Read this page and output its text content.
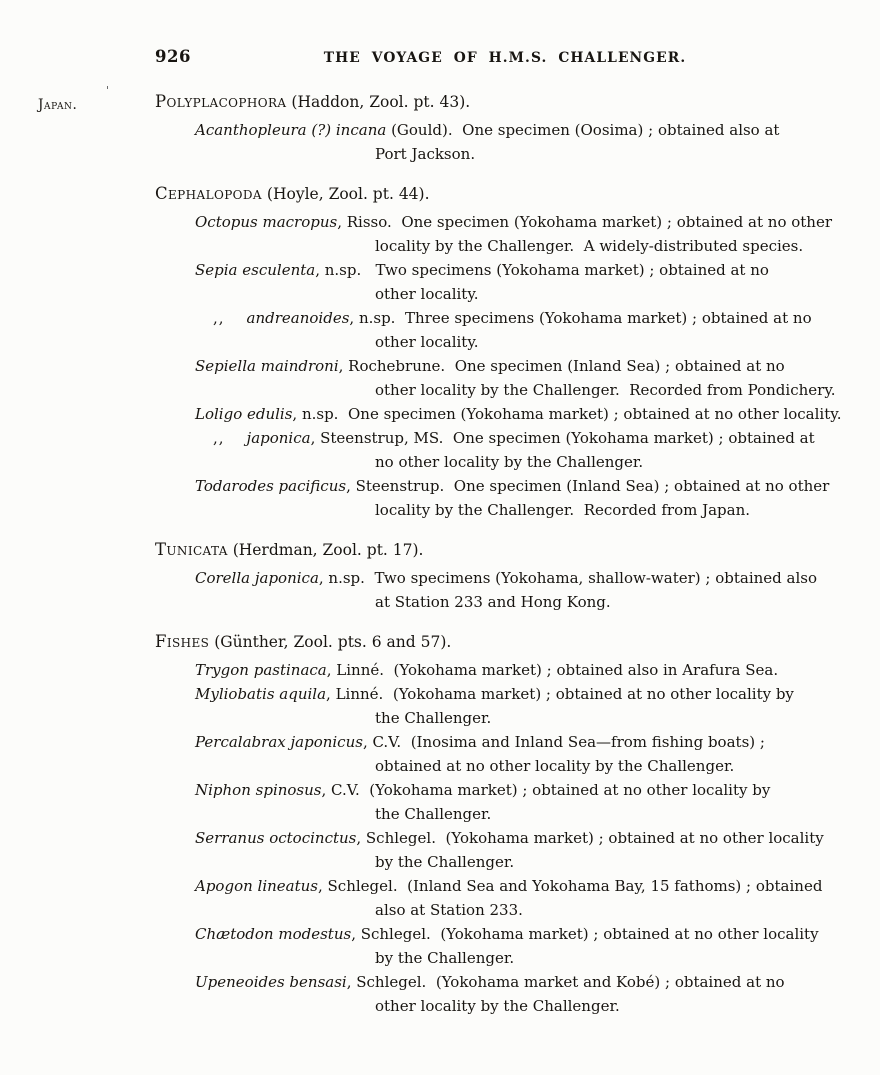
'
Japan.
926	THE VOYAGE OF H.M.S. CHALLENGER.
Polyplacophora (Haddon, Zool. pt. 43).
Acanthopleura (?) incana (Gould).  One specimen (Oosima) ; obtained also at
Port Jackson.
Cephalopoda (Hoyle, Zool. pt. 44).
Octopus macropus, Risso.  One specimen (Yokohama market) ; obtained at no other
locality by the Challenger.  A widely-distributed species.
Sepia esculenta, n.sp.   Two specimens (Yokohama market) ; obtained at no
other locality.
,, andreanoides, n.sp.  Three specimens (Yokohama market) ; obtained at no
other locality.
Sepiella maindroni, Rochebrune.  One specimen (Inland Sea) ; obtained at no
other locality by the Challenger.  Recorded from Pondichery.
Loligo edulis, n.sp.  One specimen (Yokohama market) ; obtained at no other locality.
,, japonica, Steenstrup, MS.  One specimen (Yokohama market) ; obtained at
no other locality by the Challenger.
Todarodes pacificus, Steenstrup.  One specimen (Inland Sea) ; obtained at no other
locality by the Challenger.  Recorded from Japan.
Tunicata (Herdman, Zool. pt. 17).
Corella japonica, n.sp.  Two specimens (Yokohama, shallow-water) ; obtained also
at Station 233 and Hong Kong.
Fishes (Günther, Zool. pts. 6 and 57).
Trygon pastinaca, Linné.  (Yokohama market) ; obtained also in Arafura Sea.
Myliobatis aquila, Linné.  (Yokohama market) ; obtained at no other locality by
the Challenger.
Percalabrax japonicus, C.V.  (Inosima and Inland Sea—from fishing boats) ;
obtained at no other locality by the Challenger.
Niphon spinosus, C.V.  (Yokohama market) ; obtained at no other locality by
the Challenger.
Serranus octocinctus, Schlegel.  (Yokohama market) ; obtained at no other locality
by the Challenger.
Apogon lineatus, Schlegel.  (Inland Sea and Yokohama Bay, 15 fathoms) ; obtained
also at Station 233.
Chætodon modestus, Schlegel.  (Yokohama market) ; obtained at no other locality
by the Challenger.
Upeneoides bensasi, Schlegel.  (Yokohama market and Kobé) ; obtained at no
other locality by the Challenger.
